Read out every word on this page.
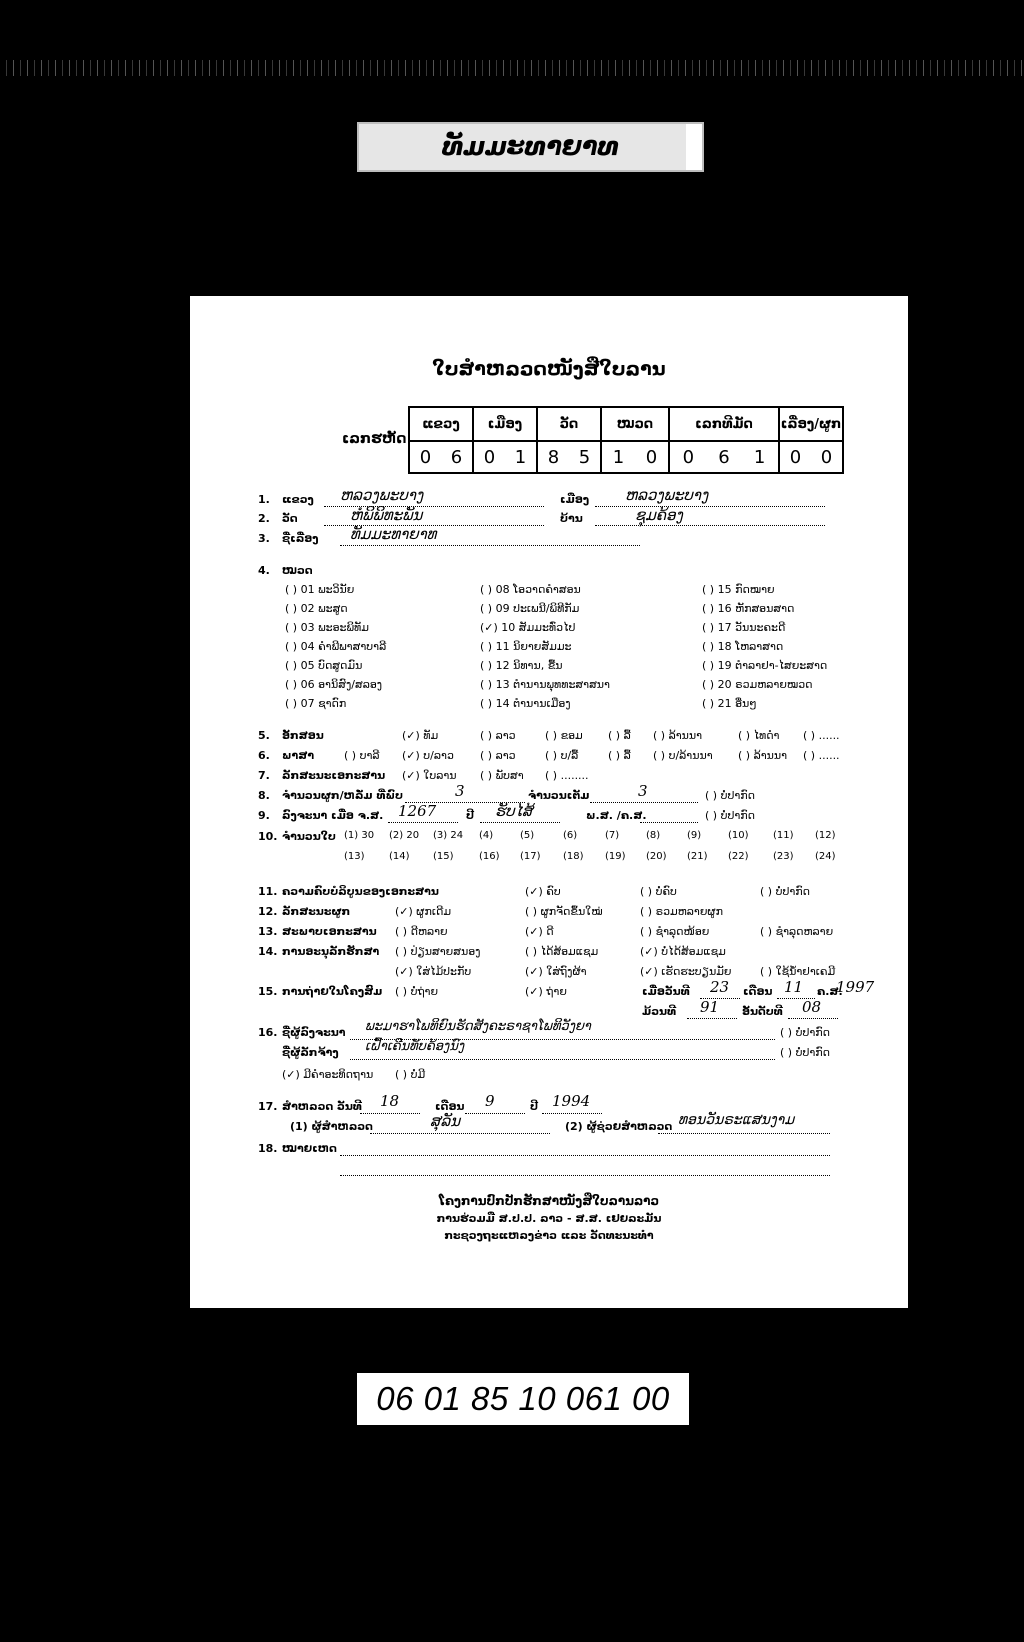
ທັມມະທາຍາທ
ໃບສຳຫລວດໜັງສືໃບລານ
ເລກຮຫັດ
ແຂວງ	ເມືອງ	ວັດ	ໝວດ	ເລກທີມັດ	ເລື່ອງ/ຜູກ
0 6	0 1	8 5	1 0	0 6 1	0 0
1. ແຂວງ ຫລວງພະບາງ	ເມືອງ ຫລວງພະບາງ
2. ວັດ	ຫໍພິພິທະພັນ	ບ້ານ	ຊຸມຄ້ອງ
3. ຊື່ເລື່ອງ ທັມມະທາຍາທ
4. ໝວດ
( ) 01 ພະວິນັຍ	( ) 08 ໂອວາດຄຳສອນ	( ) 15 ກົດໝາຍ
( ) 02 ພະສູດ	( ) 09 ປະເພນີ/ພິທີກັມ	( ) 16 ຫັກສອນສາດ
( ) 03 ພະອະພິທັມ	(✓) 10 ສັມມະທົ່ວໄປ	( ) 17 ວັນນະຄະດີ
( ) 04 ຄຳພີພາສາບາລີ	( ) 11 ນິຍາຍສັມມະ	( ) 18 ໂຫລາສາດ
( ) 05 ບົດສູດມົນ	( ) 12 ນິທານ, ຂື້ນ	( ) 19 ຕຳລາຢາ-ໄສຍະສາດ
( ) 06 ອານິສົງ/ສລອງ	( ) 13 ຕຳນານພຸທທະສາສນາ	( ) 20 ຣວມຫລາຍໝວດ
( ) 07 ຊາດົກ	( ) 14 ຕຳນານເມືອງ	( ) 21 ອື່ນໆ
5. ອັກສອນ	(✓) ທັມ	( ) ລາວ	( ) ຂອມ ( ) ລື້ ( ) ລ້ານນາ	( ) ໄທດຳ ( ) ......
6. ພາສາ	( ) ບາລີ (✓) ບ/ລາວ ( ) ລາວ	( ) ບ/ລື້	( ) ລື້ ( ) ບ/ລ້ານນາ ( ) ລ້ານນາ ( ) ......
7. ລັກສະນະເອກະສານ (✓) ໃບລານ ( ) ພັບສາ ( ) ........
8. ຈຳນວນຜູກ/ຫລັ່ມ ທີ່ພົບ	3	ຈຳນວນເຕັມ	3	( ) ບໍ່ປາກົດ
9. ລົງຈະນາ ເມື່ອ ຈ.ສ. 1267	ປີ ຮັບໄສ້	ພ.ສ. /ຄ.ສ.	( ) ບໍ່ປາກົດ
10. ຈຳນວນໃບ (1) 30 (2) 20 (3) 24 (4)	(5)	(6)	(7)	(8)	(9)	(10) (11) (12)
(13) (14) (15)	(16) (17) (18) (19) (20) (21) (22) (23) (24)
11. ຄວາມຄົບບໍລິບູນຂອງເອກະສານ	(✓) ຄົບ	( ) ບໍ່ຄົບ	( ) ບໍ່ປາກົດ
12. ລັກສະນະຜູກ	(✓) ຜູກເດີມ	( ) ຜູກຈັດຂຶ້ນໃໝ່	( ) ຣວມຫລາຍຜູກ
13. ສະພາບເອກະສານ ( ) ດີຫລາຍ	(✓) ດີ	( ) ຊຳລຸດໜ້ອຍ	( ) ຊຳລຸດຫລາຍ
14. ການອະນຸລັກຮັກສາ ( ) ປ່ຽນສາຍສນອງ	( ) ໄດ້ສ້ອມແຊມ	(✓) ບໍ່ໄດ້ສ້ອມແຊມ
(✓) ໃສ່ໄມ້ປະກັບ	(✓) ໃສ່ຖົງຜ້າ	(✓) ເຮັດຮະບຽນມັຍ	( ) ໃຊ້ນ້ຳຢາເຄມີ
15. ການຖ່າຍໃນໂຄງສົມ ( ) ບໍ່ຖ່າຍ	(✓) ຖ່າຍ	ເມື່ອວັນທີ 23 ເດືອນ 11 ຄ.ສ.
1997
ມ້ວນທີ 91 ອັນດັບທີ 08
16. ຊື່ຜູ້ລົງຈະນາ ພະມາຮາໂພທິຍົນຮັດສັງຄະຣາຊາໂພທິວັງຍາ	( ) ບໍ່ປາກົດ
ຊື່ຜູ້ລັກຈ້າງ ເຝົ້າເຄີນທັບຄ້ອງນົງ	( ) ບໍ່ປາກົດ
(✓) ມີຄຳອະທິດຖານ ( ) ບໍ່ມີ
17. ສຳຫລວດ ວັນທີ 18	ເດືອນ 9	ປີ 1994
(1) ຜູ້ສຳຫລວດ	ສຸລັນ	(2) ຜູ້ຊ່ວຍສຳຫລວດ ທອນວັນຣະແສນງາມ
18. ໝາຍເຫດ
ໂຄງການປົກປັກຮັກສາໜັງສືໃບລານລາວ
ການຮ່ວມມື ສ.ປ.ປ. ລາວ - ສ.ສ. ເຢຍລະມັນ
ກະຊວງຖະແຫລງຂ່າວ ແລະ ວັດທະນະທຳ
06 01 85 10 061 00
